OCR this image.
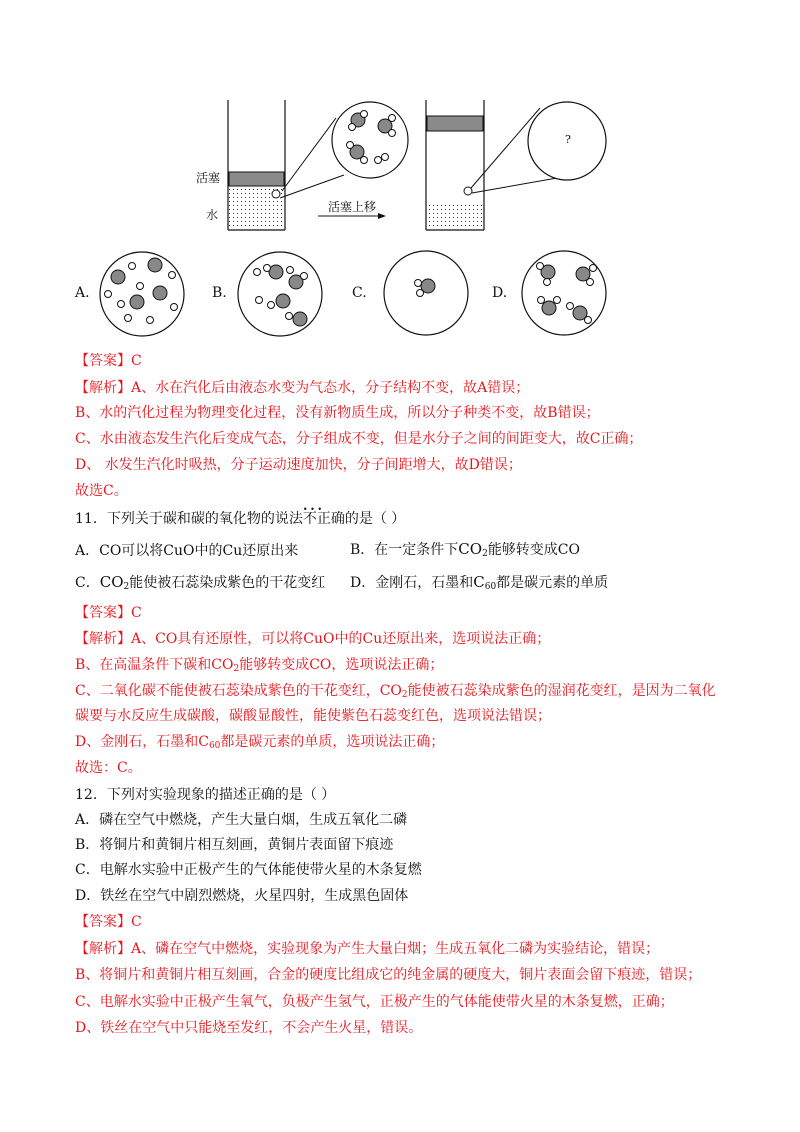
活塞
水
活塞上移
?
A.	B.	C.	D.
【答案】C
【解析】A、水在汽化后由液态水变为气态水，分子结构不变，故A错误；
B、水的汽化过程为物理变化过程，没有新物质生成，所以分子种类不变，故B错误；
C、水由液态发生汽化后变成气态，分子组成不变，但是水分子之间的间距变大，故C正确；
D、 水发生汽化时吸热，分子运动速度加快，分子间距增大，故D错误；
故选C。
11．下列关于碳和碳的氧化物的说法• • • 不正确的是（ ）
A．CO可以将CuO中的Cu还原出来	B．在一定条件下$CO_2$能够转变成CO
C．$CO_2$能使被石蕊染成紫色的干花变红 D．金刚石，石墨和$C_{60}$都是碳元素的单质
【答案】C
【解析】A、CO具有还原性，可以将CuO中的Cu还原出来，选项说法正确；
B、在高温条件下碳和$CO_2$能够转变成CO，选项说法正确；
C、二氧化碳不能使被石蕊染成紫色的干花变红，$CO_2$能使被石蕊染成紫色的湿润花变红，是因为二氧化
碳要与水反应生成碳酸，碳酸显酸性，能使紫色石蕊变红色，选项说法错误；
D、金刚石，石墨和$C_{60}$都是碳元素的单质，选项说法正确；
故选：C。
12．下列对实验现象的描述正确的是（ ）
A．磷在空气中燃烧，产生大量白烟，生成五氧化二磷
B．将铜片和黄铜片相互刻画，黄铜片表面留下痕迹
C．电解水实验中正极产生的气体能使带火星的木条复燃
D．铁丝在空气中剧烈燃烧，火星四射，生成黑色固体
【答案】C
【解析】A、磷在空气中燃烧，实验现象为产生大量白烟；生成五氧化二磷为实验结论，错误；
B、将铜片和黄铜片相互刻画，合金的硬度比组成它的纯金属的硬度大，铜片表面会留下痕迹，错误；
C、电解水实验中正极产生氧气，负极产生氢气，正极产生的气体能使带火星的木条复燃，正确；
D、铁丝在空气中只能烧至发红，不会产生火星，错误。
